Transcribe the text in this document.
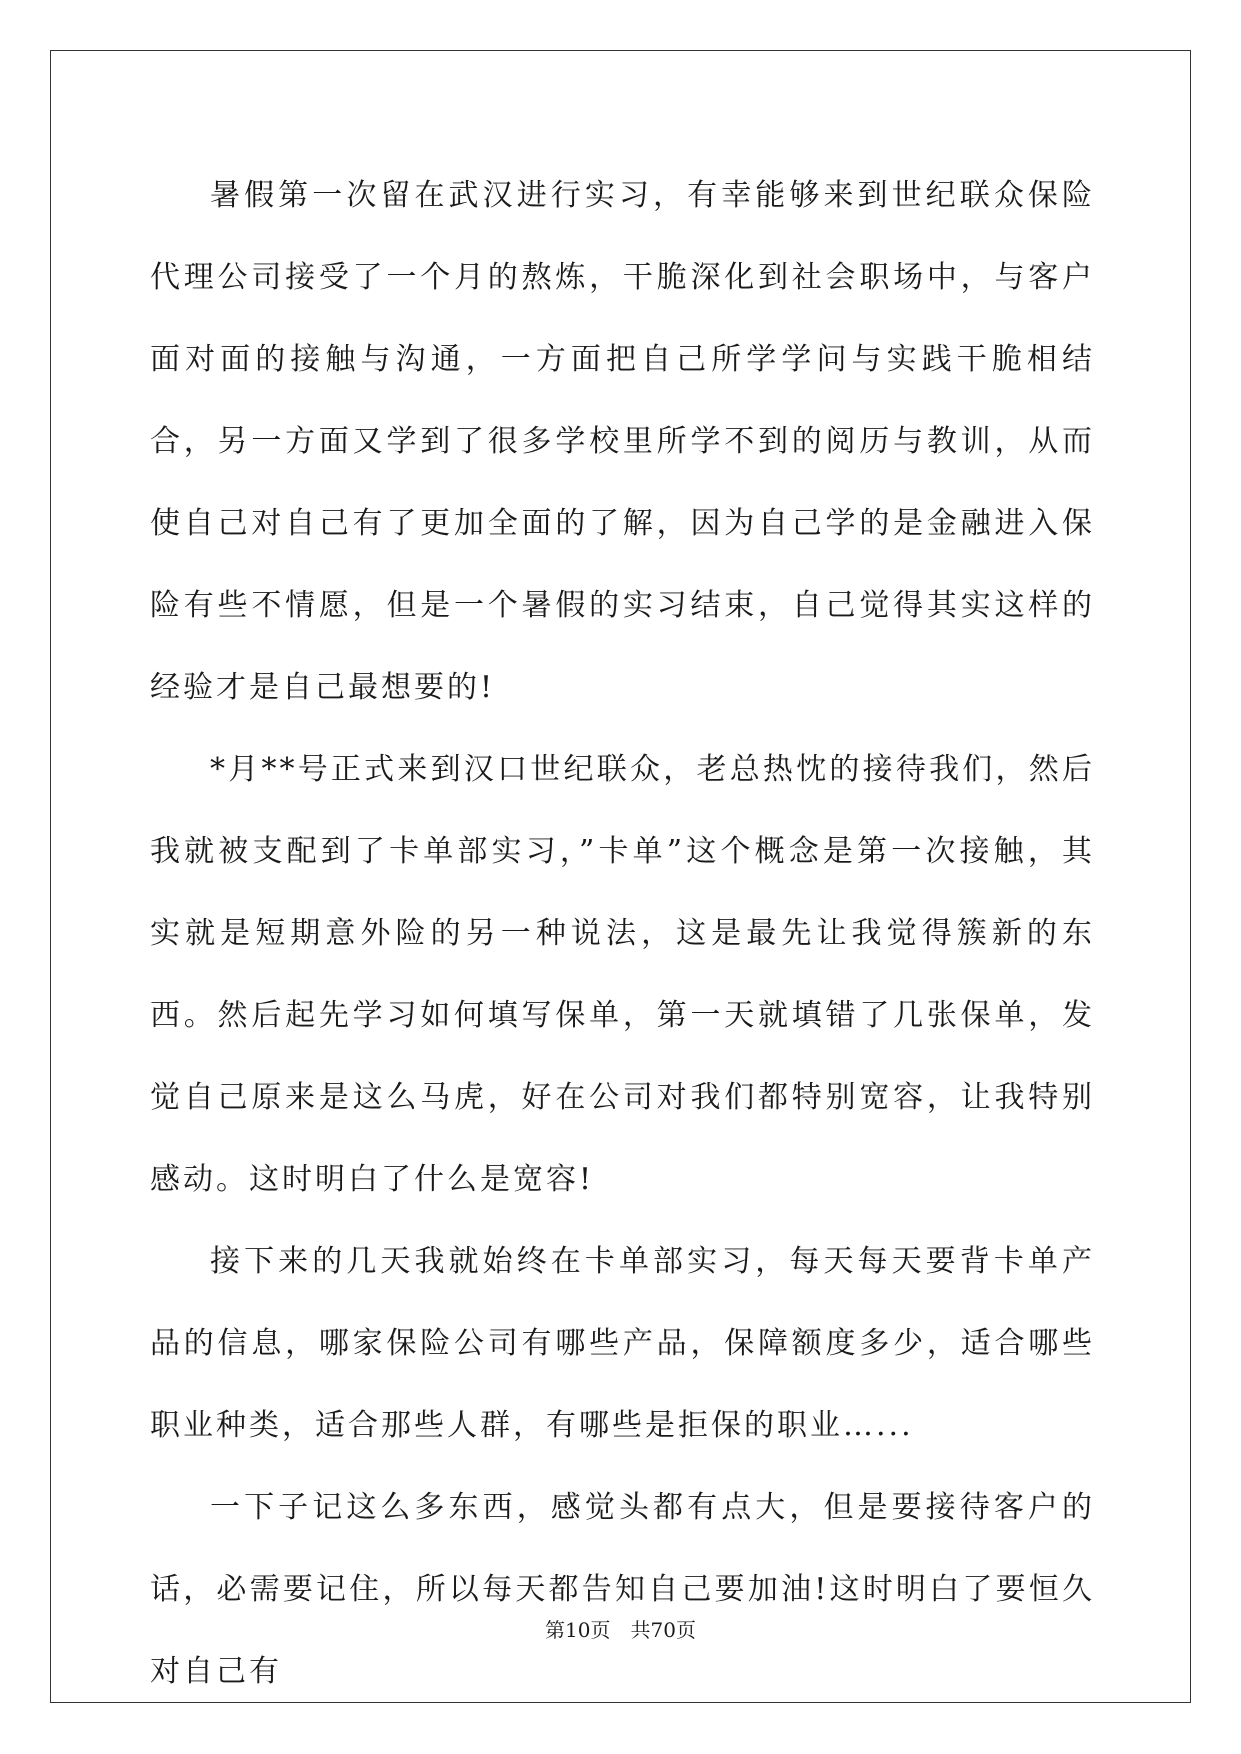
暑假第一次留在武汉进行实习，有幸能够来到世纪联众保险代理公司接受了一个月的熬炼，干脆深化到社会职场中，与客户面对面的接触与沟通，一方面把自己所学学问与实践干脆相结合，另一方面又学到了很多学校里所学不到的阅历与教训，从而使自己对自己有了更加全面的了解，因为自己学的是金融进入保险有些不情愿，但是一个暑假的实习结束，自己觉得其实这样的经验才是自己最想要的!

*月**号正式来到汉口世纪联众，老总热忱的接待我们，然后我就被支配到了卡单部实习，”卡单”这个概念是第一次接触，其实就是短期意外险的另一种说法，这是最先让我觉得簇新的东西。然后起先学习如何填写保单，第一天就填错了几张保单，发觉自己原来是这么马虎，好在公司对我们都特别宽容，让我特别感动。这时明白了什么是宽容!

接下来的几天我就始终在卡单部实习，每天每天要背卡单产品的信息，哪家保险公司有哪些产品，保障额度多少，适合哪些职业种类，适合那些人群，有哪些是拒保的职业…...

一下子记这么多东西，感觉头都有点大，但是要接待客户的话，必需要记住，所以每天都告知自己要加油!这时明白了要恒久对自己有

第10页 共70页
